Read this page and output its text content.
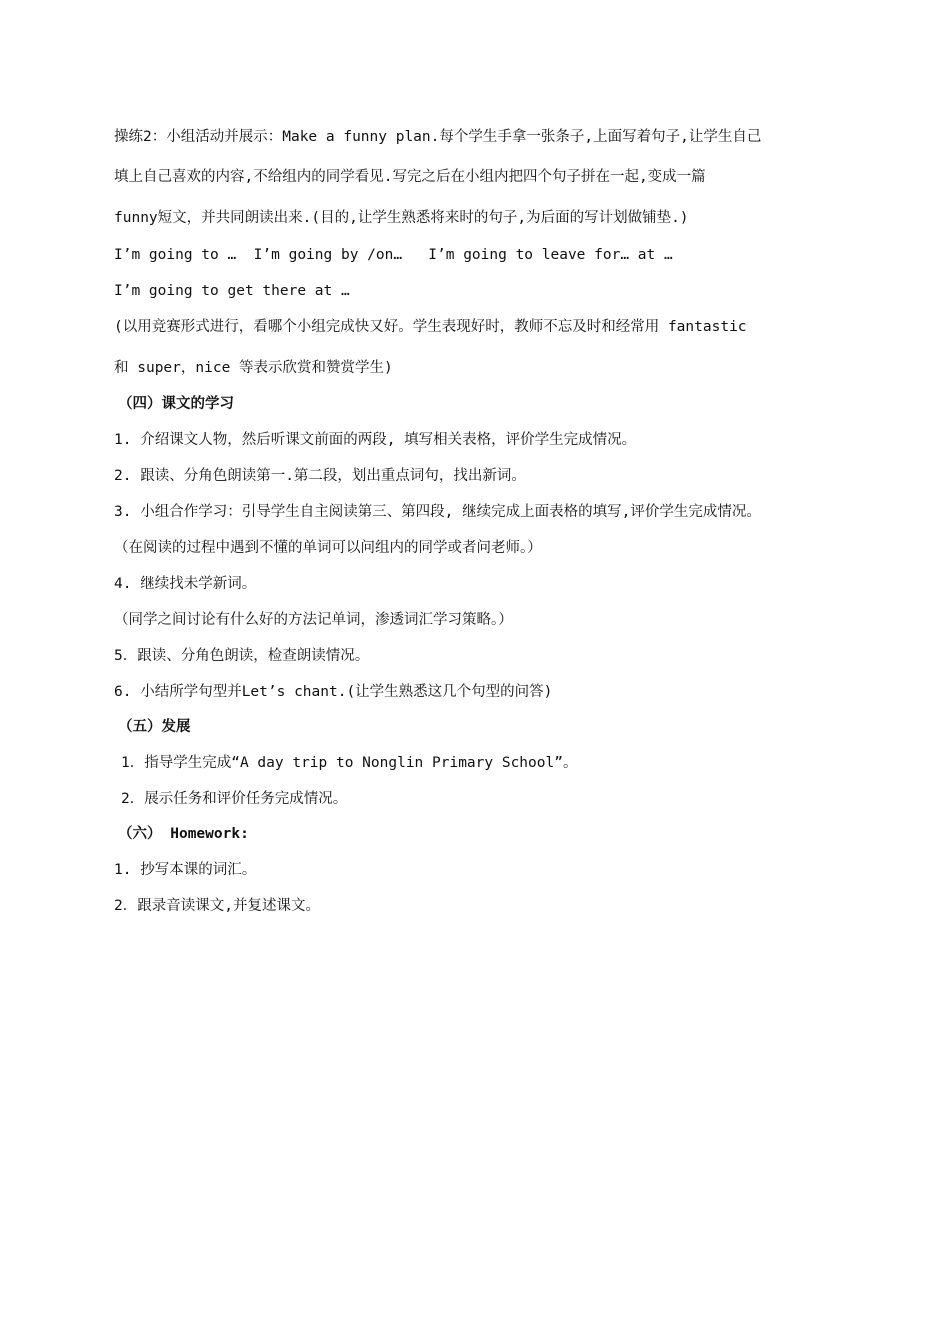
操练2：小组活动并展示：Make a funny plan.每个学生手拿一张条子,上面写着句子,让学生自己
填上自己喜欢的内容,不给组内的同学看见.写完之后在小组内把四个句子拼在一起,变成一篇
funny短文，并共同朗读出来.(目的,让学生熟悉将来时的句子,为后面的写计划做铺垫.)
I’m going to …  I’m going by /on…   I’m going to leave for… at …
I’m going to get there at …
(以用竞赛形式进行，看哪个小组完成快又好。学生表现好时，教师不忘及时和经常用 fantastic
和 super，nice 等表示欣赏和赞赏学生)
（四）课文的学习
1. 介绍课文人物，然后听课文前面的两段, 填写相关表格，评价学生完成情况。
2. 跟读、分角色朗读第一.第二段，划出重点词句，找出新词。
3. 小组合作学习：引导学生自主阅读第三、第四段, 继续完成上面表格的填写,评价学生完成情况。
（在阅读的过程中遇到不懂的单词可以问组内的同学或者问老师。）
4. 继续找未学新词。
（同学之间讨论有什么好的方法记单词，渗透词汇学习策略。）
5．跟读、分角色朗读，检查朗读情况。
6. 小结所学句型并Let’s chant.(让学生熟悉这几个句型的问答)
（五）发展
1．指导学生完成“A day trip to Nonglin Primary School”。
2．展示任务和评价任务完成情况。
（六） Homework:
1. 抄写本课的词汇。
2．跟录音读课文,并复述课文。
